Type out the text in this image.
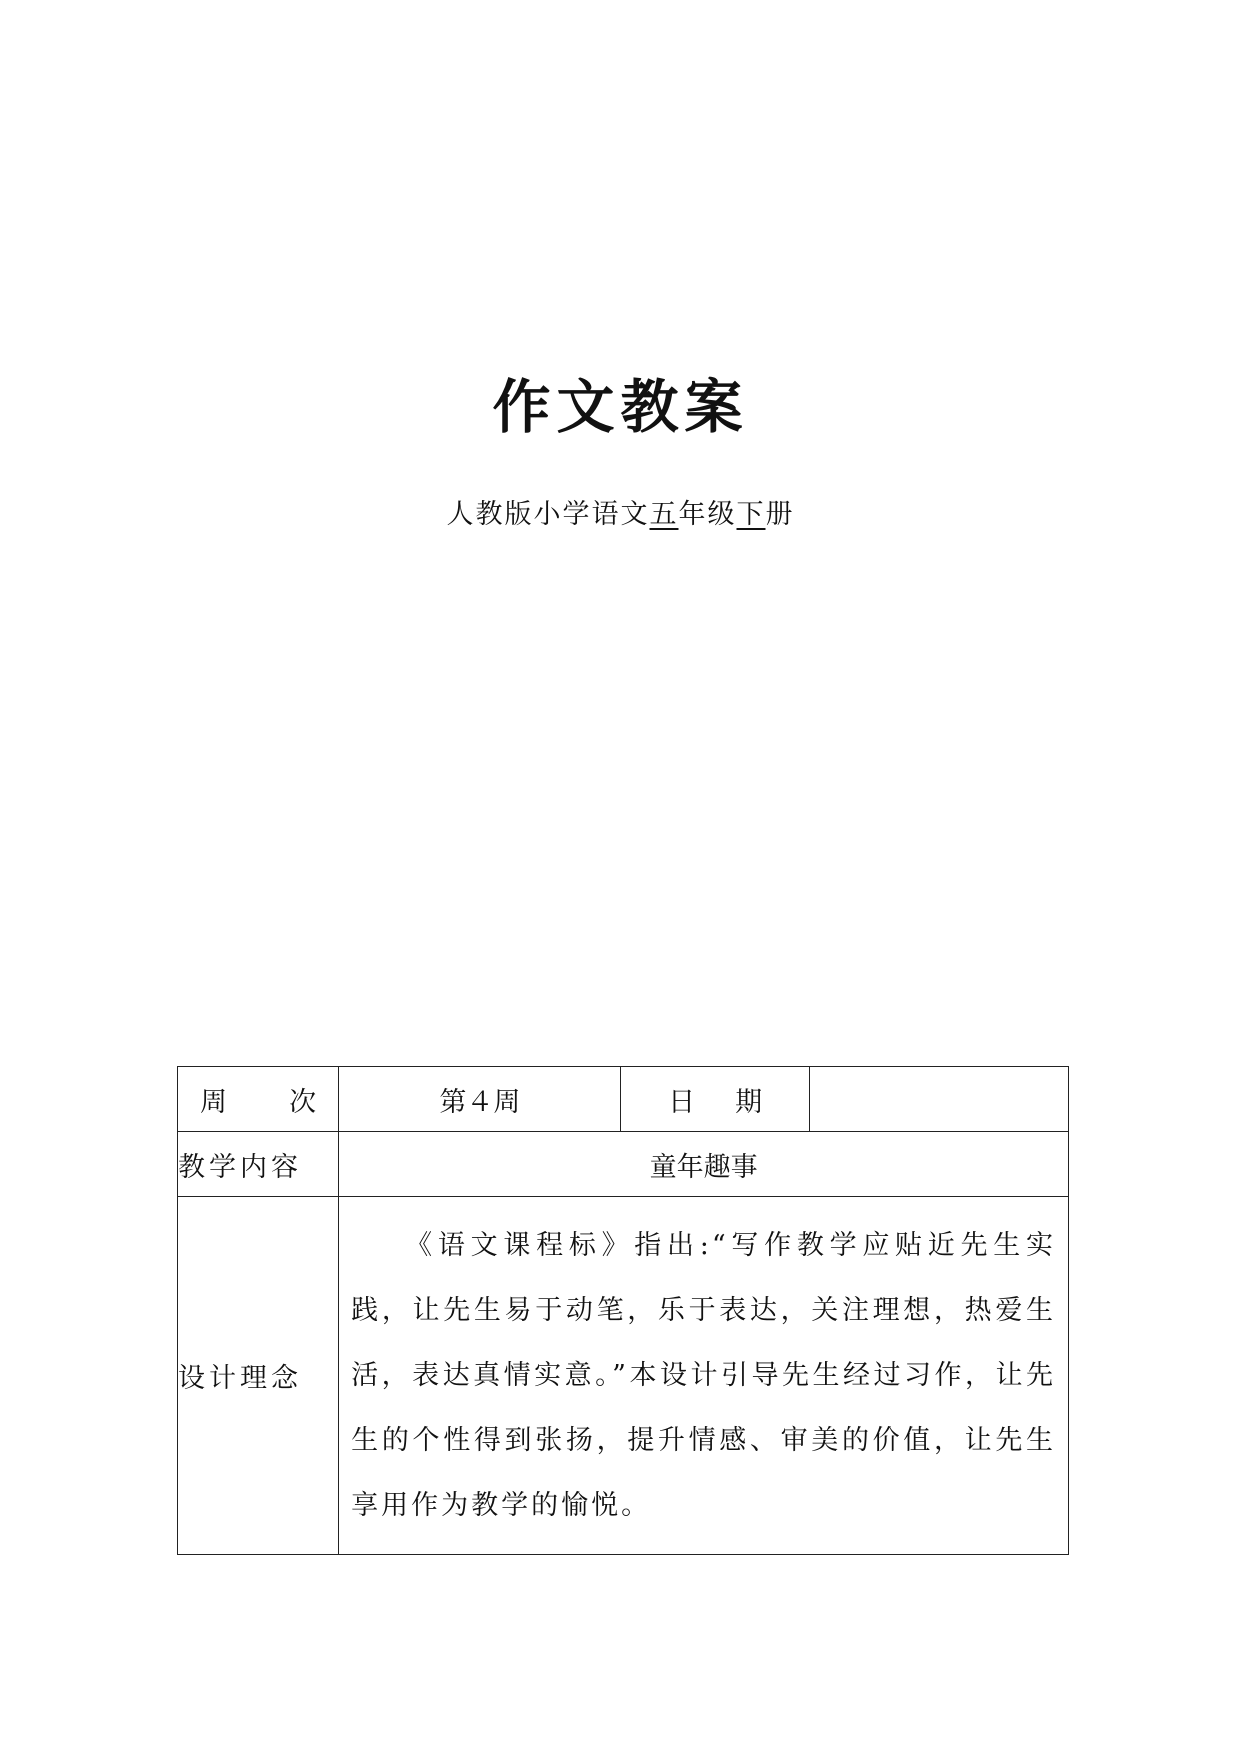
作文教案
人教版小学语文五年级下册
周 次	第４周	日 期	

教学内容	童年趣事		
设计理念	《语文课程标》指出:“写作教学应贴近先生实践，让先生易于动笔，乐于表达，关注理想，热爱生活，表达真情实意。”本设计引导先生经过习作，让先生的个性得到张扬，提升情感、审美的价值，让先生享用作为教学的愉悦。		
